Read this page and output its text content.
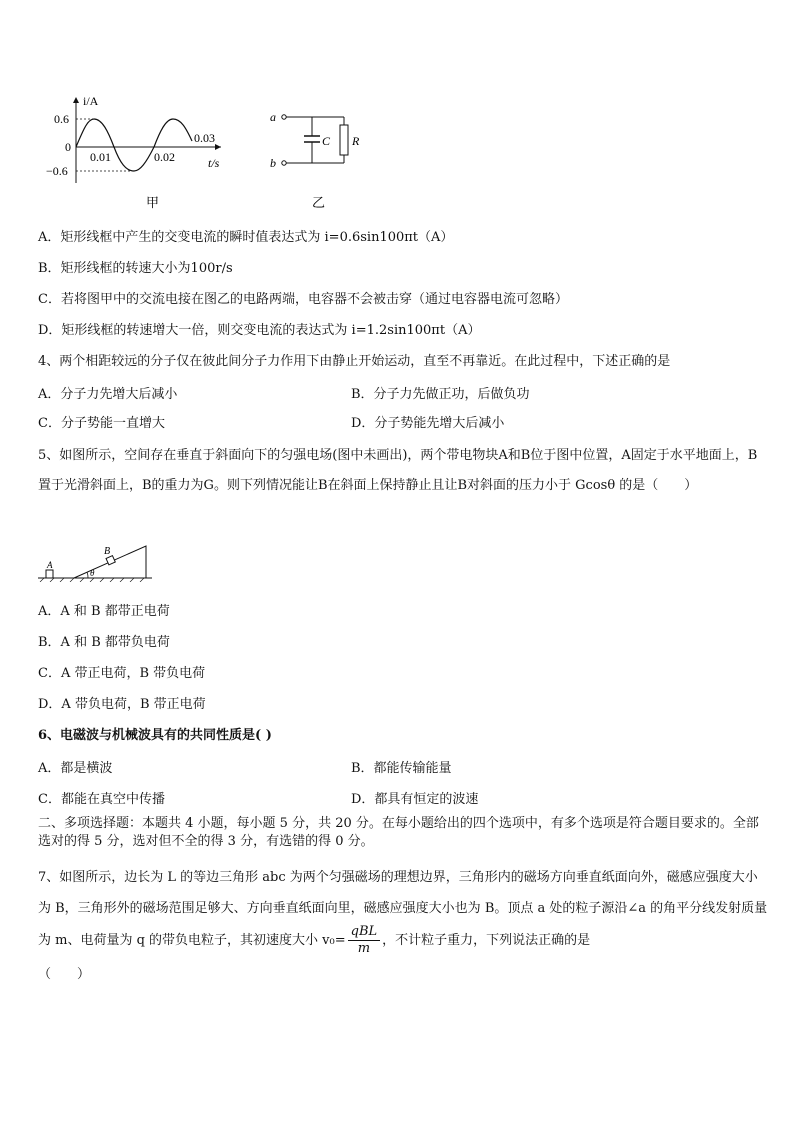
i/A
0.6
0
−0.6
0.01	0.02
0.03
t/s
甲
a
b
C R
乙
A．矩形线框中产生的交变电流的瞬时值表达式为 i=0.6sin100πt（A）
B．矩形线框的转速大小为100r/s
C．若将图甲中的交流电接在图乙的电路两端，电容器不会被击穿（通过电容器电流可忽略）
D．矩形线框的转速增大一倍，则交变电流的表达式为 i=1.2sin100πt（A）
4、两个相距较远的分子仅在彼此间分子力作用下由静止开始运动，直至不再靠近。在此过程中，下述正确的是
A．分子力先增大后减小	B．分子力先做正功，后做负功
C．分子势能一直增大	D．分子势能先增大后减小
5、如图所示，空间存在垂直于斜面向下的匀强电场(图中未画出)，两个带电物块A和B位于图中位置，A固定于水平地面上，B置于光滑斜面上，B的重力为G。则下列情况能让B在斜面上保持静止且让B对斜面的压力小于 Gcosθ 的是（　　）
A
B
θ
A．A 和 B 都带正电荷
B．A 和 B 都带负电荷
C．A 带正电荷，B 带负电荷
D．A 带负电荷，B 带正电荷
6、电磁波与机械波具有的共同性质是( )
A．都是横波	B．都能传输能量
C．都能在真空中传播	D．都具有恒定的波速
二、多项选择题：本题共 4 小题，每小题 5 分，共 20 分。在每小题给出的四个选项中，有多个选项是符合题目要求的。全部选对的得 5 分，选对但不全的得 3 分，有选错的得 0 分。
7、如图所示，边长为 L 的等边三角形 abc 为两个匀强磁场的理想边界，三角形内的磁场方向垂直纸面向外，磁感应强度大小为 B，三角形外的磁场范围足够大、方向垂直纸面向里，磁感应强度大小也为 B。顶点 a 处的粒子源沿∠a 的角平分线发射质量为 m、电荷量为 q 的带负电粒子，其初速度大小 $v_0= \frac{\text{qBL}}{m}$ ，不计粒子重力，下列说法正确的是
（　　）
